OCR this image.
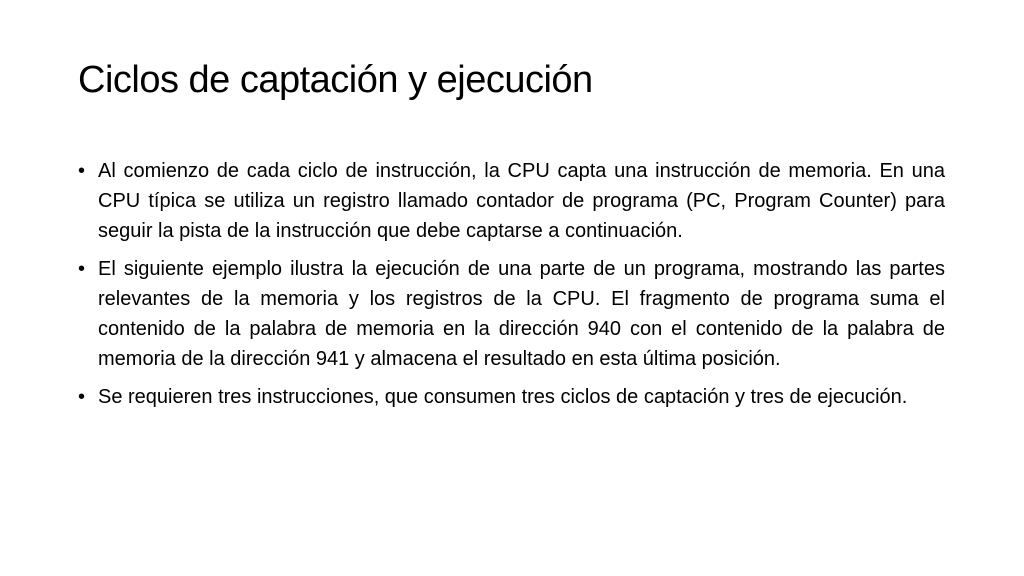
Ciclos de captación y ejecución
• Al comienzo de cada ciclo de instrucción, la CPU capta una instrucción de memoria. En una CPU típica se utiliza un registro llamado contador de programa (PC, Program Counter) para seguir la pista de la instrucción que debe captarse a continuación.
• El siguiente ejemplo ilustra la ejecución de una parte de un programa, mostrando las partes relevantes de la memoria y los registros de la CPU. El fragmento de programa suma el contenido de la palabra de memoria en la dirección 940 con el contenido de la palabra de memoria de la dirección 941 y almacena el resultado en esta última posición.
• Se requieren tres instrucciones, que consumen tres ciclos de captación y tres de ejecución.
